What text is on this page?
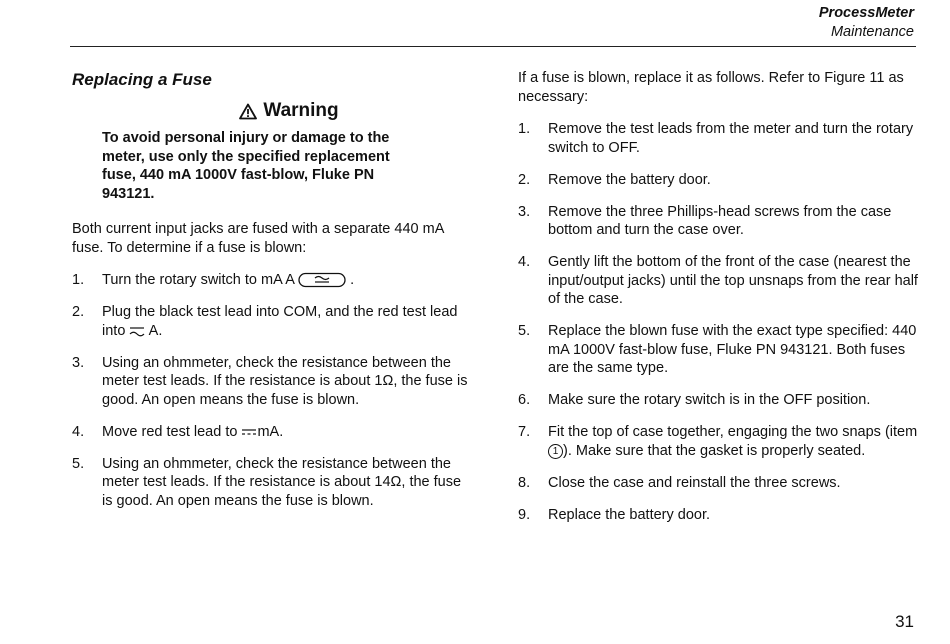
ProcessMeter
Maintenance
Replacing a Fuse
Warning
To avoid personal injury or damage to the meter, use only the specified replacement fuse, 440 mA 1000V fast-blow, Fluke PN 943121.
Both current input jacks are fused with a separate 440 mA fuse. To determine if a fuse is blown:
1. Turn the rotary switch to mA A	.
2. Plug the black test lead into COM, and the red test lead into A.
3. Using an ohmmeter, check the resistance between the meter test leads. If the resistance is about 1Ω, the fuse is good. An open means the fuse is blown.
4. Move red test lead to mA.
5. Using an ohmmeter, check the resistance between the meter test leads. If the resistance is about 14Ω, the fuse is good. An open means the fuse is blown.
If a fuse is blown, replace it as follows. Refer to Figure 11 as necessary:
1. Remove the test leads from the meter and turn the rotary switch to OFF.
2. Remove the battery door.
3. Remove the three Phillips-head screws from the case bottom and turn the case over.
4. Gently lift the bottom of the front of the case (nearest the input/output jacks) until the top unsnaps from the rear half of the case.
5. Replace the blown fuse with the exact type specified: 440 mA 1000V fast-blow fuse, Fluke PN 943121. Both fuses are the same type.
6. Make sure the rotary switch is in the OFF position.
7. Fit the top of case together, engaging the two snaps (item 1 ). Make sure that the gasket is properly seated.
8. Close the case and reinstall the three screws.
9. Replace the battery door.
31
